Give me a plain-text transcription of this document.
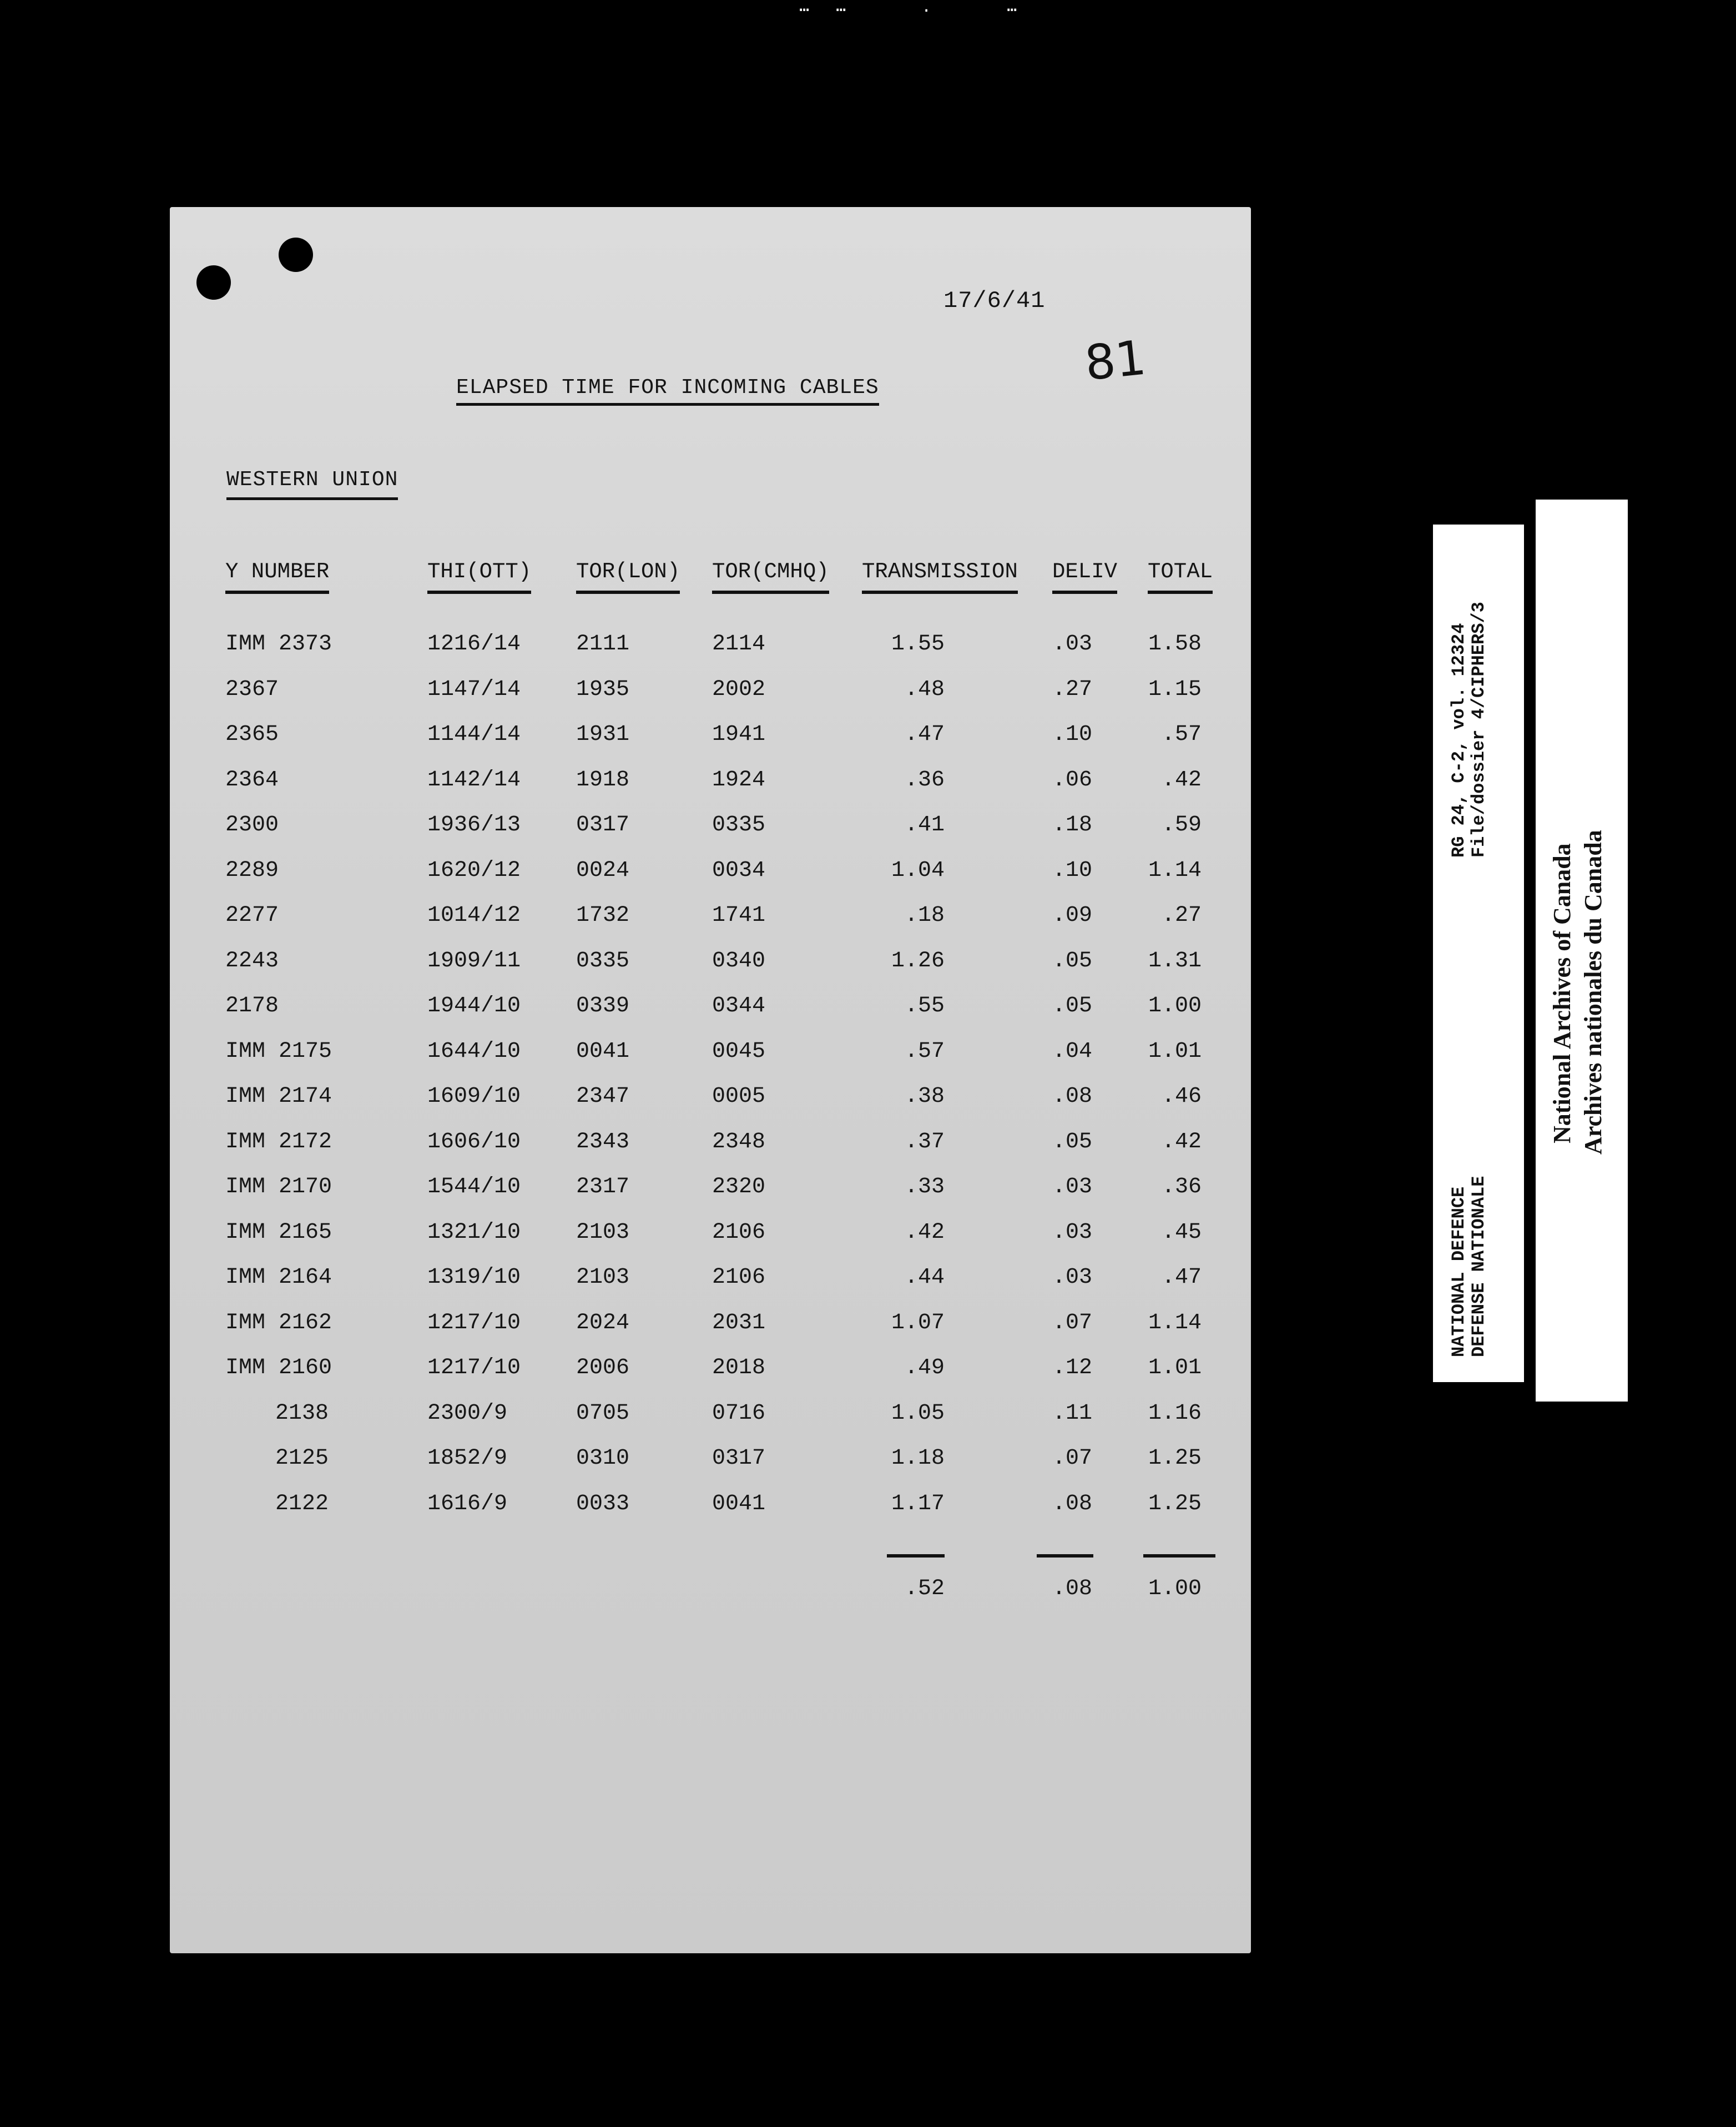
⋯  ⋯      ·      ⋯
17/6/41
81
ELAPSED TIME FOR INCOMING CABLES
WESTERN UNION
Y NUMBER	THI(OTT) TOR(LON) TOR(CMHQ) TRANSMISSION DELIV TOTAL
IMM 2373	1216/14 2111	2114	1.55	.03	1.58
2367	1147/14 1935	2002	.48	.27	1.15
2365	1144/14 1931	1941	.47	.10	.57
2364	1142/14 1918	1924	.36	.06	.42
2300	1936/13 0317	0335	.41	.18	.59
2289	1620/12 0024	0034	1.04	.10	1.14
2277	1014/12 1732	1741	.18	.09	.27
2243	1909/11 0335	0340	1.26	.05	1.31
2178	1944/10 0339	0344	.55	.05	1.00
IMM 2175	1644/10 0041	0045	.57	.04	1.01
IMM 2174	1609/10 2347	0005	.38	.08	.46
IMM 2172	1606/10 2343	2348	.37	.05	.42
IMM 2170	1544/10 2317	2320	.33	.03	.36
IMM 2165	1321/10 2103	2106	.42	.03	.45
IMM 2164	1319/10 2103	2106	.44	.03	.47
IMM 2162	1217/10 2024	2031	1.07	.07	1.14
IMM 2160	1217/10 2006	2018	.49	.12	1.01
2138	2300/9	0705	0716	1.05	.11	1.16
2125	1852/9	0310	0317	1.18	.07	1.25
2122	1616/9	0033	0041	1.17	.08	1.25
.52	.08	1.00
RG 24, C-2, vol. 12324 File/dossier 4/CIPHERS/3
NATIONAL DEFENCE DEFENSE NATIONALE
National Archives of Canada Archives nationales du Canada
